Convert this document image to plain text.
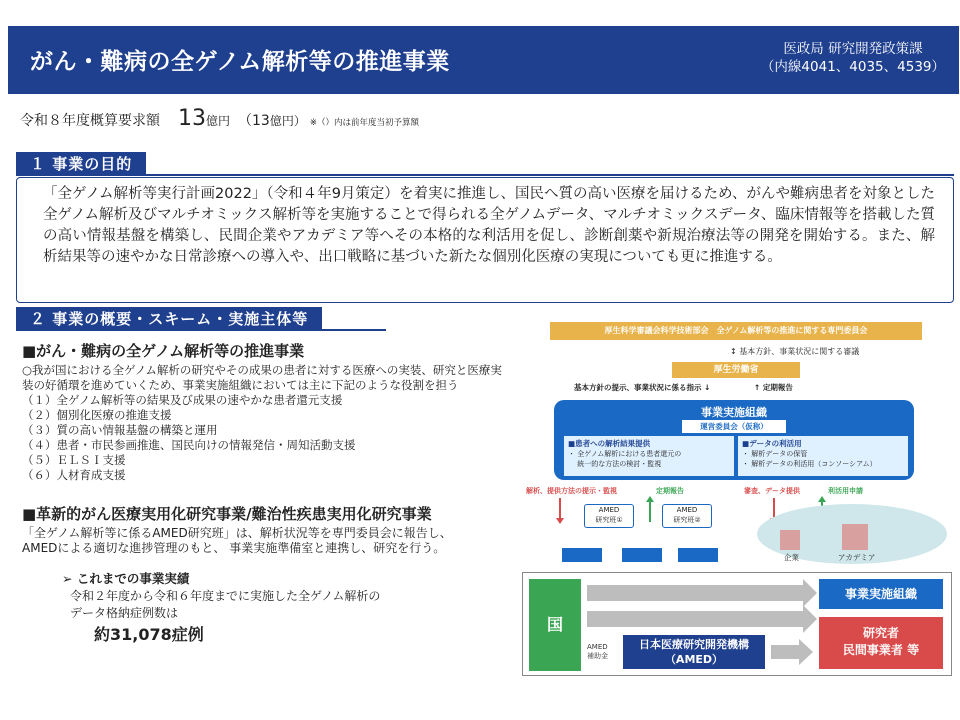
がん・難病の全ゲノム解析等の推進事業	医政局 研究開発政策課
（内線4041、4035、4539）
令和８年度概算要求額 13億円 （13億円） ※（）内は前年度当初予算額
１ 事業の目的

「全ゲノム解析等実行計画2022」（令和４年9月策定）を着実に推進し、国民へ質の高い医療を届けるため、がんや難病患者を対象とした全ゲノム解析及びマルチオミックス解析等を実施することで得られる全ゲノムデータ、マルチオミックスデータ、臨床情報等を搭載した質の高い情報基盤を構築し、民間企業やアカデミア等へその本格的な利活用を促し、診断創薬や新規治療法等の開発を開始する。また、解析結果等の速やかな日常診療への導入や、出口戦略に基づいた新たな個別化医療の実現についても更に推進する。

２ 事業の概要・スキーム・実施主体等
■がん・難病の全ゲノム解析等の推進事業
○我が国における全ゲノム解析の研究やその成果の患者に対する医療への実装、研究と医療実装の好循環を進めていくため、事業実施組織においては主に下記のような役割を担う
（１）全ゲノム解析等の結果及び成果の速やかな患者還元支援
（２）個別化医療の推進支援
（３）質の高い情報基盤の構築と運用
（４）患者・市民参画推進、国民向けの情報発信・周知活動支援
（５）ＥＬＳＩ支援
（６）人材育成支援
■革新的がん医療実用化研究事業/難治性疾患実用化研究事業
「全ゲノム解析等に係るAMED研究班」は、解析状況等を専門委員会に報告し、
AMEDによる適切な進捗管理のもと、 事業実施準備室と連携し、研究を行う。
➢ これまでの事業実績
令和２年度から令和６年度までに実施した全ゲノム解析の
データ格納症例数は
約31,078症例
厚生科学審議会科学技術部会　全ゲノム解析等の推進に関する専門委員会
↕ 基本方針、事業状況に関する審議
厚生労働省
基本方針の提示、事業状況に係る指示 ↓	↑ 定期報告
事業実施組織
運営委員会（仮称）
■患者への解析結果提供
・ 全ゲノム解析における患者還元の
　 統一的な方法の検討・監視
■データの利活用
・ 解析データの保管
・ 解析データの利活用（コンソーシアム）
解析、提供方法の提示・監視	定期報告	審査、データ提供	利活用申請
AMED
研究班①
AMED
研究班②
企業	アカデミア
国
事業実施組織
研究者
民間事業者 等
AMED
補助金
日本医療研究開発機構
（AMED）
